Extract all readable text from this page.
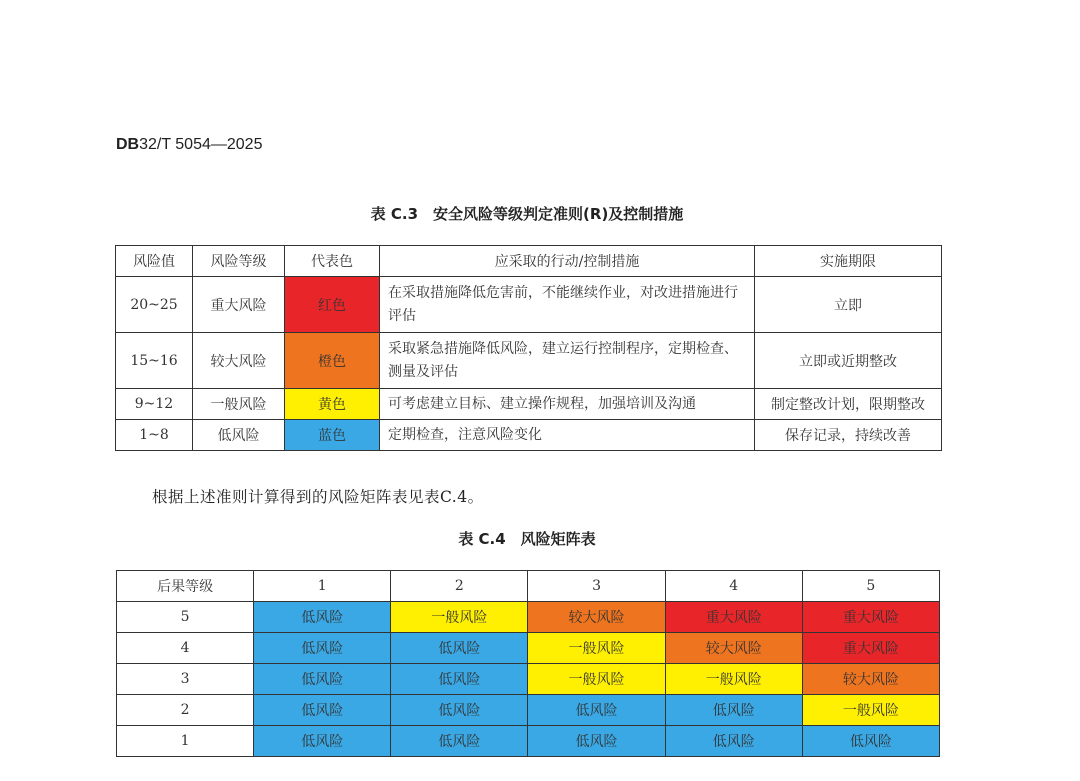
DB32/T 5054—2025
表 C.3　安全风险等级判定准则(R)及控制措施
风险值	风险等级	代表色	应采取的行动/控制措施	实施期限
20~25	重大风险	红色	在采取措施降低危害前，不能继续作业，对改进措施进行评估	立即
15~16	较大风险	橙色	采取紧急措施降低风险，建立运行控制程序，定期检查、测量及评估	立即或近期整改
9~12	一般风险	黄色	可考虑建立目标、建立操作规程，加强培训及沟通	制定整改计划，限期整改
1~8	低风险	蓝色	定期检查，注意风险变化	保存记录，持续改善
根据上述准则计算得到的风险矩阵表见表C.4。
表 C.4　风险矩阵表
后果等级	1	2	3	4	5
5	低风险	一般风险	较大风险	重大风险	重大风险
4	低风险	低风险	一般风险	较大风险	重大风险
3	低风险	低风险	一般风险	一般风险	较大风险
2	低风险	低风险	低风险	低风险	一般风险
1	低风险	低风险	低风险	低风险	低风险
